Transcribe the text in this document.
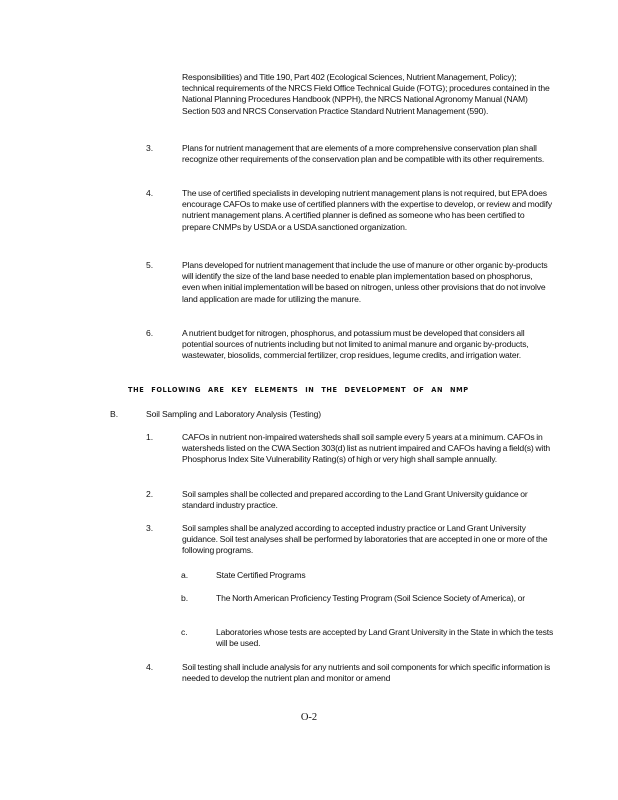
Responsibilities) and Title 190, Part 402 (Ecological Sciences, Nutrient Management, Policy); technical requirements of the NRCS Field Office Technical Guide (FOTG); procedures contained in the National Planning Procedures Handbook (NPPH), the NRCS National Agronomy Manual (NAM) Section 503 and NRCS Conservation Practice Standard Nutrient Management (590).
3.	Plans for nutrient management that are elements of a more comprehensive conservation plan shall recognize other requirements of the conservation plan and be compatible with its other requirements.
4.	The use of certified specialists in developing nutrient management plans is not required, but EPA does encourage CAFOs to make use of certified planners with the expertise to develop, or review and modify nutrient management plans. A certified planner is defined as someone who has been certified to prepare CNMPs by USDA or a USDA sanctioned organization.
5.	Plans developed for nutrient management that include the use of manure or other organic by-products will identify the size of the land base needed to enable plan implementation based on phosphorus, even when initial implementation will be based on nitrogen, unless other provisions that do not involve land application are made for utilizing the manure.
6.	A nutrient budget for nitrogen, phosphorus, and potassium must be developed that considers all potential sources of nutrients including but not limited to animal manure and organic by-products, wastewater, biosolids, commercial fertilizer, crop residues, legume credits, and irrigation water.
THE FOLLOWING ARE KEY ELEMENTS IN THE DEVELOPMENT OF AN NMP
B.	Soil Sampling and Laboratory Analysis (Testing)
1.	CAFOs in nutrient non-impaired watersheds shall soil sample every 5 years at a minimum. CAFOs in watersheds listed on the CWA Section 303(d) list as nutrient impaired and CAFOs having a field(s) with Phosphorus Index Site Vulnerability Rating(s) of high or very high shall sample annually.
2.	Soil samples shall be collected and prepared according to the Land Grant University guidance or standard industry practice.
3.	Soil samples shall be analyzed according to accepted industry practice or Land Grant University guidance. Soil test analyses shall be performed by laboratories that are accepted in one or more of the following programs.
a.	State Certified Programs
b.	The North American Proficiency Testing Program (Soil Science Society of America), or
c.	Laboratories whose tests are accepted by Land Grant University in the State in which the tests will be used.
4.	Soil testing shall include analysis for any nutrients and soil components for which specific information is needed to develop the nutrient plan and monitor or amend
O-2
